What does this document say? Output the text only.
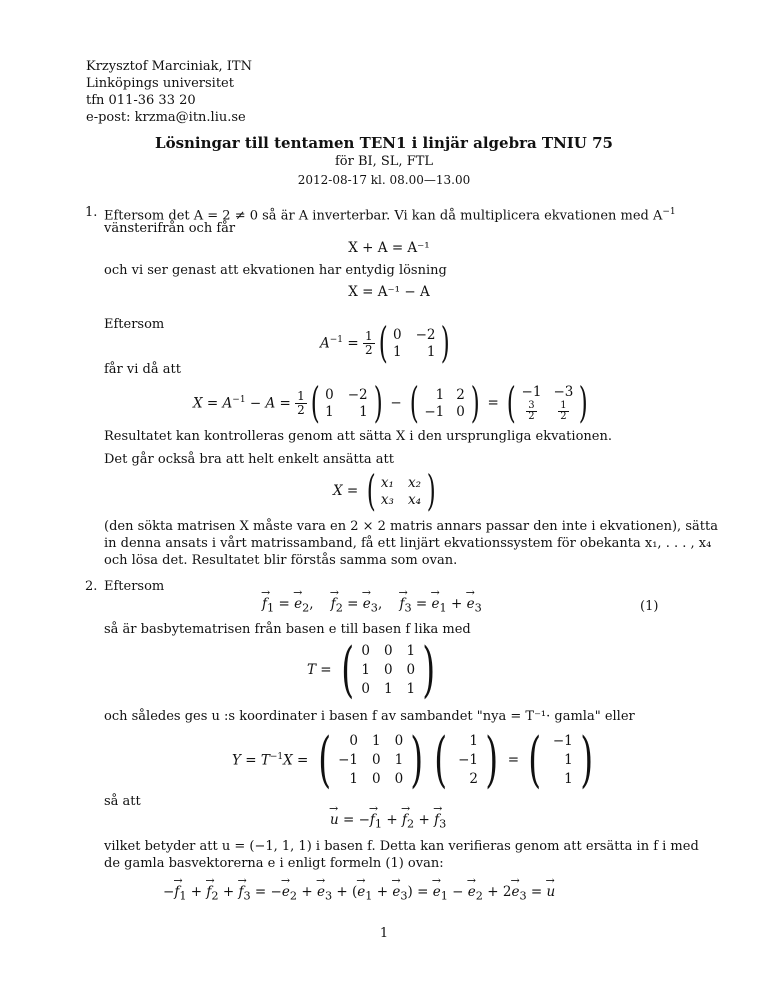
Krzysztof Marciniak, ITN
Linköpings universitet
tfn 011-36 33 20
e-post: krzma@itn.liu.se
Lösningar till tentamen TEN1 i linjär algebra TNIU 75
för BI, SL, FTL
2012-08-17 kl. 08.00—13.00
1. Eftersom det A = 2 ≠ 0 så är A inverterbar. Vi kan då multiplicera ekvationen med $A^{-1}$
vänsterifrån och får
X + A = A⁻¹
och vi ser genast att ekvationen har entydig lösning
X = A⁻¹ − A
Eftersom
$A^{-1} = \frac{1}{2}$ ( 0 −2
1	1 )
får vi då att
$X = A^{-1} - A = \frac{1}{2}$ ( 0 −2
1	1 ) − (	1 2
−1 0 ) = ( −1 −3
$\frac{3}{2} \frac{1}{2}$ )
Resultatet kan kontrolleras genom att sätta X i den ursprungliga ekvationen.
Det går också bra att helt enkelt ansätta att
X = ( x₁ x₂
x₃ x₄ )
(den sökta matrisen X måste vara en 2 × 2 matris annars passar den inte i ekvationen), sätta
in denna ansats i vårt matrissamband, få ett linjärt ekvationssystem för obekanta x₁, . . . , x₄
och lösa det. Resultatet blir förstås samma som ovan.
2. Eftersom
→ $f_1$ = → $e_2$,    → $f_2$ = → $e_3$,    → $f_3$ = → $e_1$ + → $e_3$	(1)
så är basbytematrisen från basen e till basen f lika med
T = ( 0 0 1
1 0 0
0 1 1 )
och således ges u :s koordinater i basen f av sambandet "nya = T⁻¹· gamla" eller
$Y = T^{-1}X$ = (	0 1 0
−1 0 1
1 0 0 ) (	1
−1
2 ) = ( −1
1
1 )
så att
→ u = −→ $f_1$ + → $f_2$ + → $f_3$
vilket betyder att u = (−1, 1, 1) i basen f. Detta kan verifieras genom att ersätta in f i med
de gamla basvektorerna e i enligt formeln (1) ovan:
−→ $f_1$ + → $f_2$ + → $f_3$ = −→ $e_2$ + → $e_3$ + (→ $e_1$ + → $e_3$) = → $e_1$ − → $e_2 + 2\to e_3$ = → u
1
